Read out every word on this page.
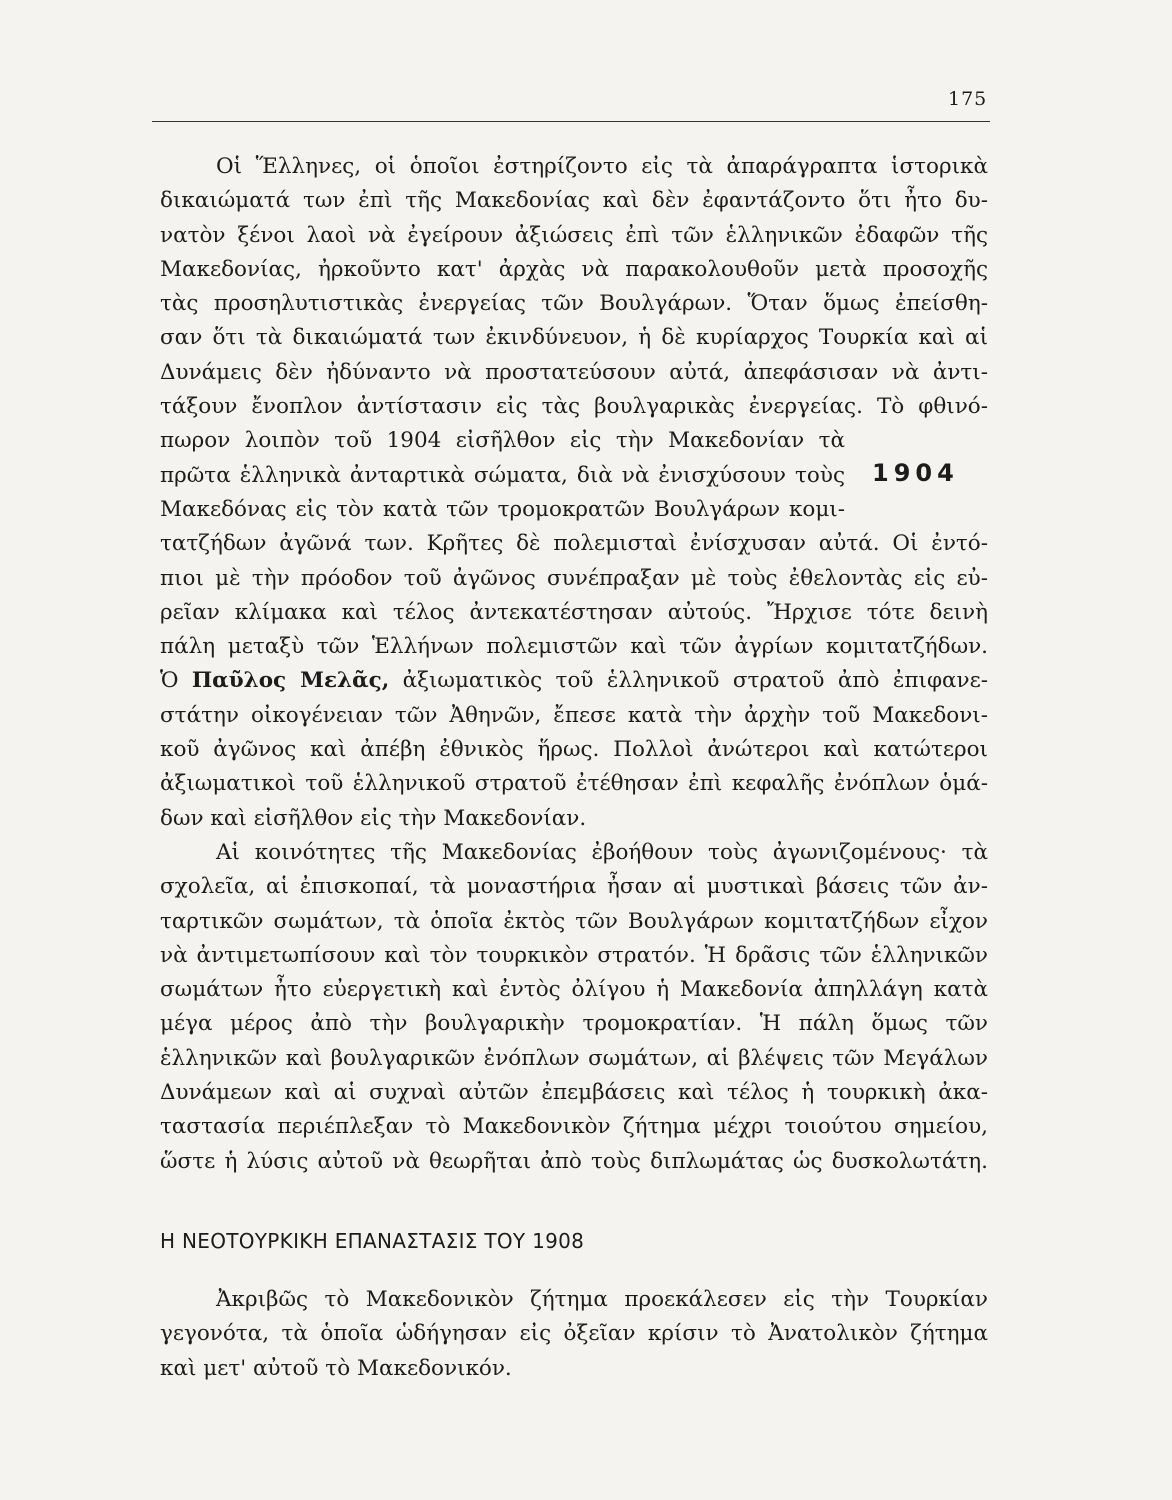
175
Οἱ Ἕλληνες, οἱ ὁποῖοι ἐστηρίζοντο εἰς τὰ ἀπαράγραπτα ἱστορικὰ
δικαιώματά των ἐπὶ τῆς Μακεδονίας καὶ δὲν ἐφαντάζοντο ὅτι ἦτο δυ-
νατὸν ξένοι λαοὶ νὰ ἐγείρουν ἀξιώσεις ἐπὶ τῶν ἑλληνικῶν ἐδαφῶν τῆς
Μακεδονίας, ἠρκοῦντο κατ' ἀρχὰς νὰ παρακολουθοῦν μετὰ προσοχῆς
τὰς προσηλυτιστικὰς ἐνεργείας τῶν Βουλγάρων. Ὅταν ὅμως ἐπείσθη-
σαν ὅτι τὰ δικαιώματά των ἐκινδύνευον, ἡ δὲ κυρίαρχος Τουρκία καὶ αἱ
Δυνάμεις δὲν ἠδύναντο νὰ προστατεύσουν αὐτά, ἀπεφάσισαν νὰ ἀντι-
τάξουν ἔνοπλον ἀντίστασιν εἰς τὰς βουλγαρικὰς ἐνεργείας. Τὸ φθινό-
πωρον λοιπὸν τοῦ 1904 εἰσῆλθον εἰς τὴν Μακεδονίαν τὰ
πρῶτα ἑλληνικὰ ἀνταρτικὰ σώματα, διὰ νὰ ἐνισχύσουν τοὺς
Μακεδόνας εἰς τὸν κατὰ τῶν τρομοκρατῶν Βουλγάρων κομι-
τατζήδων ἀγῶνά των. Κρῆτες δὲ πολεμισταὶ ἐνίσχυσαν αὐτά. Οἱ ἐντό-
πιοι μὲ τὴν πρόοδον τοῦ ἀγῶνος συνέπραξαν μὲ τοὺς ἐθελοντὰς εἰς εὐ-
ρεῖαν κλίμακα καὶ τέλος ἀντεκατέστησαν αὐτούς. Ἤρχισε τότε δεινὴ
πάλη μεταξὺ τῶν Ἑλλήνων πολεμιστῶν καὶ τῶν ἀγρίων κομιτατζήδων.
Ὁ Παῦλος Μελᾶς, ἀξιωματικὸς τοῦ ἑλληνικοῦ στρατοῦ ἀπὸ ἐπιφανε-
στάτην οἰκογένειαν τῶν Ἀθηνῶν, ἔπεσε κατὰ τὴν ἀρχὴν τοῦ Μακεδονι-
κοῦ ἀγῶνος καὶ ἀπέβη ἐθνικὸς ἥρως. Πολλοὶ ἀνώτεροι καὶ κατώτεροι
ἀξιωματικοὶ τοῦ ἑλληνικοῦ στρατοῦ ἐτέθησαν ἐπὶ κεφαλῆς ἐνόπλων ὁμά-
δων καὶ εἰσῆλθον εἰς τὴν Μακεδονίαν.
Αἱ κοινότητες τῆς Μακεδονίας ἐβοήθουν τοὺς ἀγωνιζομένους· τὰ
σχολεῖα, αἱ ἐπισκοπαί, τὰ μοναστήρια ἦσαν αἱ μυστικαὶ βάσεις τῶν ἀν-
ταρτικῶν σωμάτων, τὰ ὁποῖα ἐκτὸς τῶν Βουλγάρων κομιτατζήδων εἶχον
νὰ ἀντιμετωπίσουν καὶ τὸν τουρκικὸν στρατόν. Ἡ δρᾶσις τῶν ἑλληνικῶν
σωμάτων ἦτο εὐεργετικὴ καὶ ἐντὸς ὀλίγου ἡ Μακεδονία ἀπηλλάγη κατὰ
μέγα μέρος ἀπὸ τὴν βουλγαρικὴν τρομοκρατίαν. Ἡ πάλη ὅμως τῶν
ἑλληνικῶν καὶ βουλγαρικῶν ἐνόπλων σωμάτων, αἱ βλέψεις τῶν Μεγάλων
Δυνάμεων καὶ αἱ συχναὶ αὐτῶν ἐπεμβάσεις καὶ τέλος ἡ τουρκικὴ ἀκα-
ταστασία περιέπλεξαν τὸ Μακεδονικὸν ζήτημα μέχρι τοιούτου σημείου,
ὥστε ἡ λύσις αὐτοῦ νὰ θεωρῆται ἀπὸ τοὺς διπλωμάτας ὡς δυσκολωτάτη.
1904
Η ΝΕΟΤΟΥΡΚΙΚΗ ΕΠΑΝΑΣΤΑΣΙΣ ΤΟΥ 1908
Ἀκριβῶς τὸ Μακεδονικὸν ζήτημα προεκάλεσεν εἰς τὴν Τουρκίαν
γεγονότα, τὰ ὁποῖα ὡδήγησαν εἰς ὀξεῖαν κρίσιν τὸ Ἀνατολικὸν ζήτημα
καὶ μετ' αὐτοῦ τὸ Μακεδονικόν.
